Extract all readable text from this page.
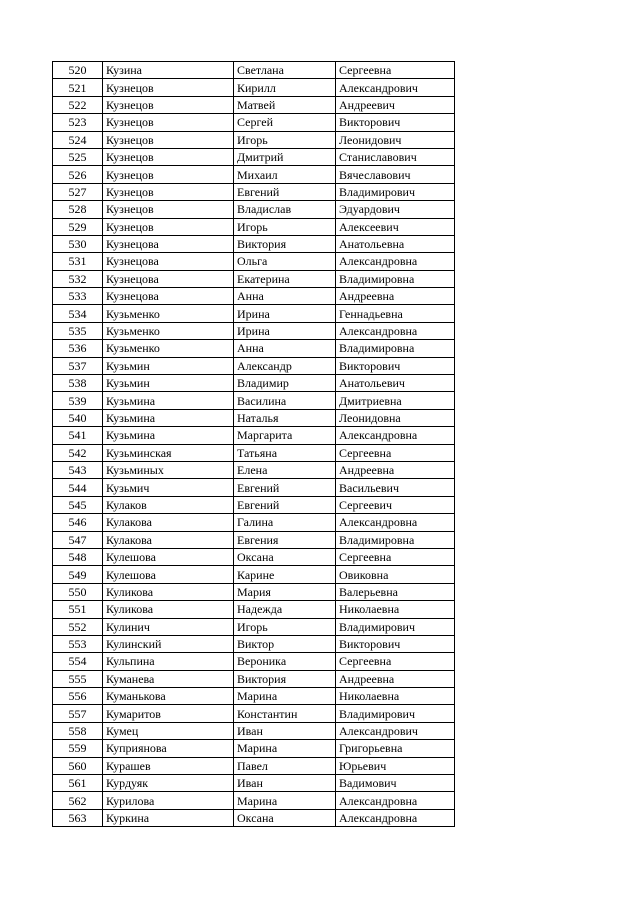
520	Кузина	Светлана	Сергеевна
521	Кузнецов	Кирилл	Александрович
522	Кузнецов	Матвей	Андреевич
523	Кузнецов	Сергей	Викторович
524	Кузнецов	Игорь	Леонидович
525	Кузнецов	Дмитрий	Станиславович
526	Кузнецов	Михаил	Вячеславович
527	Кузнецов	Евгений	Владимирович
528	Кузнецов	Владислав	Эдуардович
529	Кузнецов	Игорь	Алексеевич
530	Кузнецова	Виктория	Анатольевна
531	Кузнецова	Ольга	Александровна
532	Кузнецова	Екатерина	Владимировна
533	Кузнецова	Анна	Андреевна
534	Кузьменко	Ирина	Геннадьевна
535	Кузьменко	Ирина	Александровна
536	Кузьменко	Анна	Владимировна
537	Кузьмин	Александр	Викторович
538	Кузьмин	Владимир	Анатольевич
539	Кузьмина	Василина	Дмитриевна
540	Кузьмина	Наталья	Леонидовна
541	Кузьмина	Маргарита	Александровна
542	Кузьминская	Татьяна	Сергеевна
543	Кузьминых	Елена	Андреевна
544	Кузьмич	Евгений	Васильевич
545	Кулаков	Евгений	Сергеевич
546	Кулакова	Галина	Александровна
547	Кулакова	Евгения	Владимировна
548	Кулешова	Оксана	Сергеевна
549	Кулешова	Карине	Овиковна
550	Куликова	Мария	Валерьевна
551	Куликова	Надежда	Николаевна
552	Кулинич	Игорь	Владимирович
553	Кулинский	Виктор	Викторович
554	Кульпина	Вероника	Сергеевна
555	Куманева	Виктория	Андреевна
556	Куманькова	Марина	Николаевна
557	Кумаритов	Константин	Владимирович
558	Кумец	Иван	Александрович
559	Куприянова	Марина	Григорьевна
560	Курашев	Павел	Юрьевич
561	Курдуяк	Иван	Вадимович
562	Курилова	Марина	Александровна
563	Куркина	Оксана	Александровна
